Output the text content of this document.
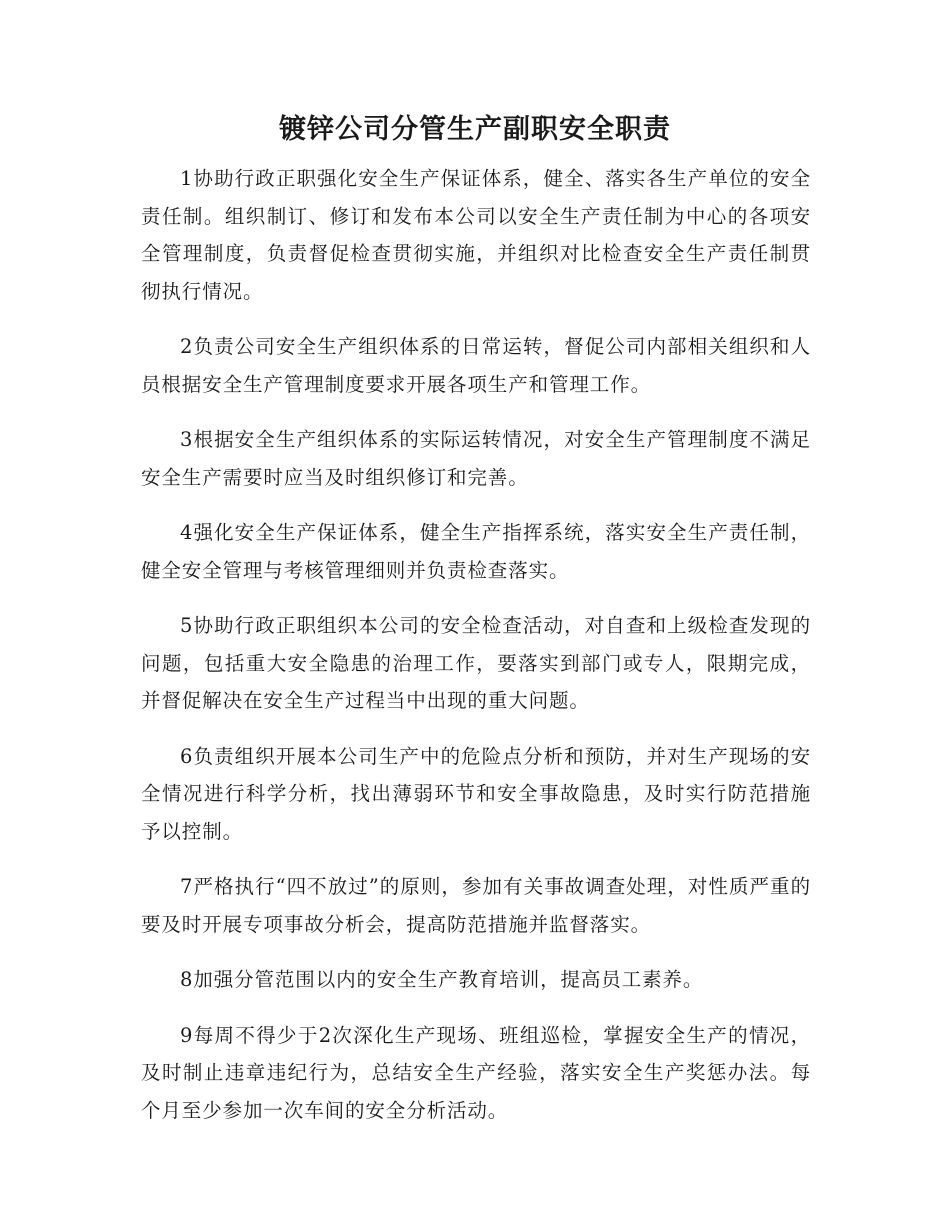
镀锌公司分管生产副职安全职责

1协助行政正职强化安全生产保证体系，健全、落实各生产单位的安全责任制。组织制订、修订和发布本公司以安全生产责任制为中心的各项安全管理制度，负责督促检查贯彻实施，并组织对比检查安全生产责任制贯彻执行情况。

2负责公司安全生产组织体系的日常运转，督促公司内部相关组织和人员根据安全生产管理制度要求开展各项生产和管理工作。

3根据安全生产组织体系的实际运转情况，对安全生产管理制度不满足安全生产需要时应当及时组织修订和完善。

4强化安全生产保证体系，健全生产指挥系统，落实安全生产责任制，健全安全管理与考核管理细则并负责检查落实。

5协助行政正职组织本公司的安全检查活动，对自查和上级检查发现的问题，包括重大安全隐患的治理工作，要落实到部门或专人，限期完成，并督促解决在安全生产过程当中出现的重大问题。

6负责组织开展本公司生产中的危险点分析和预防，并对生产现场的安全情况进行科学分析，找出薄弱环节和安全事故隐患，及时实行防范措施予以控制。

7严格执行“四不放过”的原则，参加有关事故调查处理，对性质严重的要及时开展专项事故分析会，提高防范措施并监督落实。

8加强分管范围以内的安全生产教育培训，提高员工素养。

9每周不得少于2次深化生产现场、班组巡检，掌握安全生产的情况，及时制止违章违纪行为，总结安全生产经验，落实安全生产奖惩办法。每个月至少参加一次车间的安全分析活动。
